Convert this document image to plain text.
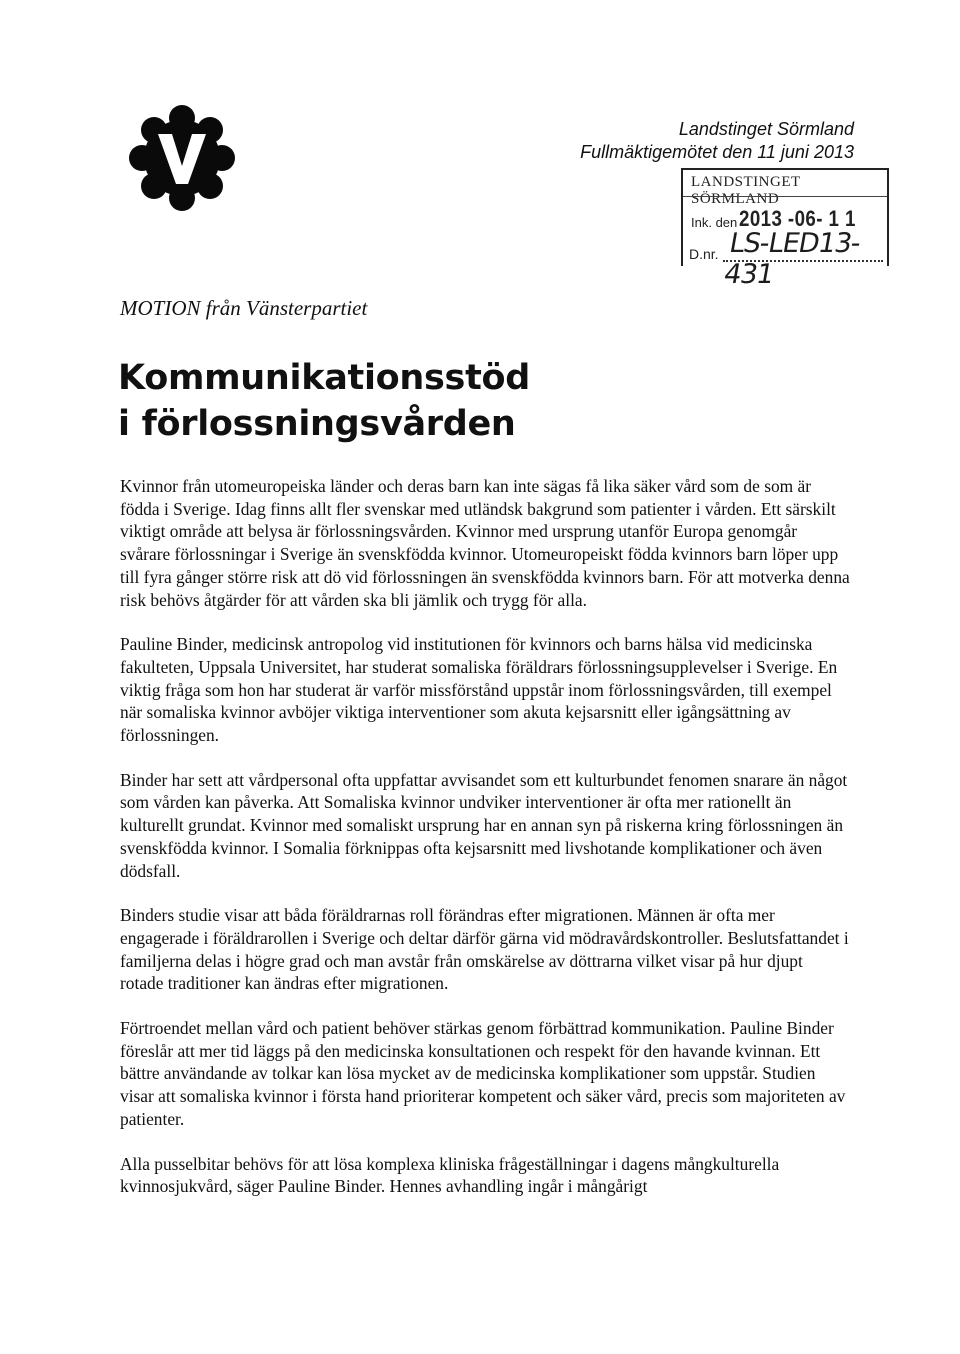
Landstinget Sörmland
Fullmäktigemötet den 11 juni 2013
LANDSTINGET SÖRMLAND
Ink. den 2013 -06- 1 1
D.nr. LS-LED13-431
MOTION från Vänsterpartiet
Kommunikationsstöd
i förlossningsvården

Kvinnor från utomeuropeiska länder och deras barn kan inte sägas få lika säker vård som de som är födda i Sverige. Idag finns allt fler svenskar med utländsk bakgrund som patienter i vården. Ett särskilt viktigt område att belysa är förlossningsvården. Kvinnor med ursprung utanför Europa genomgår svårare förlossningar i Sverige än svenskfödda kvinnor. Utomeuropeiskt födda kvinnors barn löper upp till fyra gånger större risk att dö vid förlossningen än svenskfödda kvinnors barn. För att motverka denna risk behövs åtgärder för att vården ska bli jämlik och trygg för alla.

Pauline Binder, medicinsk antropolog vid institutionen för kvinnors och barns hälsa vid medicinska fakulteten, Uppsala Universitet, har studerat somaliska föräldrars förlossningsupplevelser i Sverige. En viktig fråga som hon har studerat är varför missförstånd uppstår inom förlossningsvården, till exempel när somaliska kvinnor avböjer viktiga interventioner som akuta kejsarsnitt eller igångsättning av förlossningen.

Binder har sett att vårdpersonal ofta uppfattar avvisandet som ett kulturbundet fenomen snarare än något som vården kan påverka. Att Somaliska kvinnor undviker interventioner är ofta mer rationellt än kulturellt grundat. Kvinnor med somaliskt ursprung har en annan syn på riskerna kring förlossningen än svenskfödda kvinnor. I Somalia förknippas ofta kejsarsnitt med livshotande komplikationer och även dödsfall.

Binders studie visar att båda föräldrarnas roll förändras efter migrationen. Männen är ofta mer engagerade i föräldrarollen i Sverige och deltar därför gärna vid mödravårdskontroller. Beslutsfattandet i familjerna delas i högre grad och man avstår från omskärelse av döttrarna vilket visar på hur djupt rotade traditioner kan ändras efter migrationen.

Förtroendet mellan vård och patient behöver stärkas genom förbättrad kommunikation. Pauline Binder föreslår att mer tid läggs på den medicinska konsultationen och respekt för den havande kvinnan. Ett bättre användande av tolkar kan lösa mycket av de medicinska komplikationer som uppstår. Studien visar att somaliska kvinnor i första hand prioriterar kompetent och säker vård, precis som majoriteten av patienter.

Alla pusselbitar behövs för att lösa komplexa kliniska frågeställningar i dagens mångkulturella kvinnosjukvård, säger Pauline Binder. Hennes avhandling ingår i mångårigt
